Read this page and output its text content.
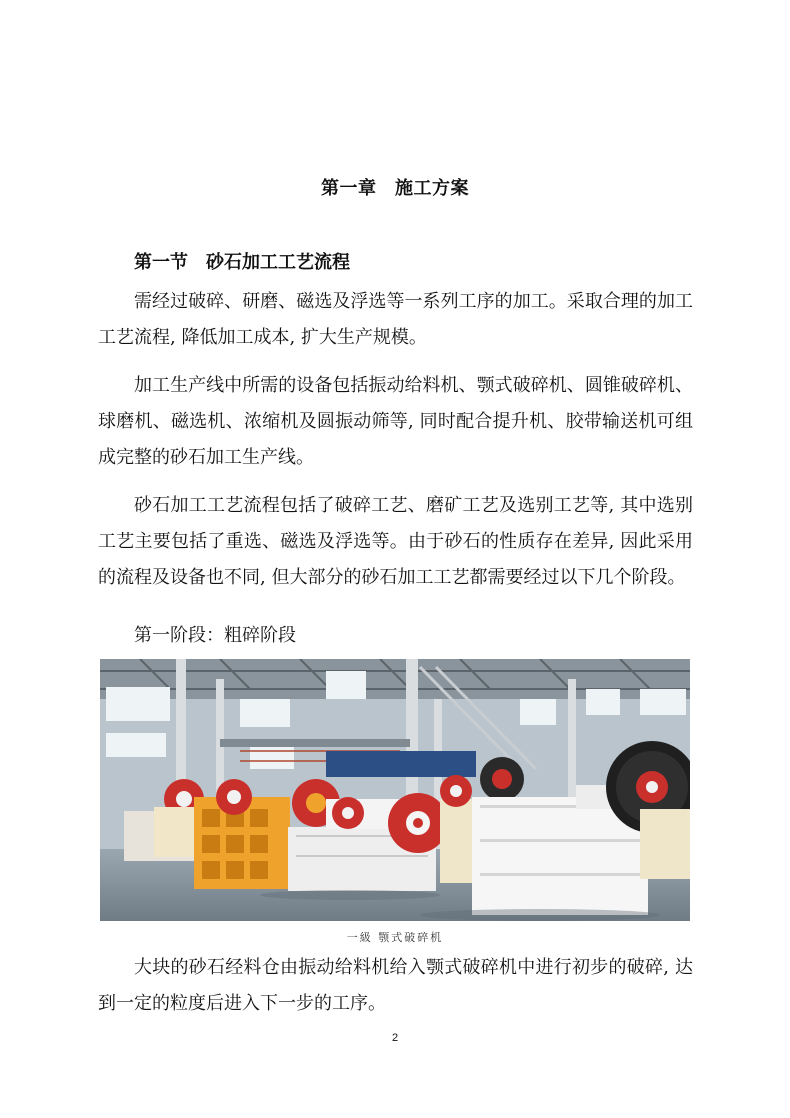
第一章　施工方案
第一节 砂石加工工艺流程

需经过破碎、研磨、磁选及浮选等一系列工序的加工。采取合理的加工工艺流程, 降低加工成本, 扩大生产规模。

加工生产线中所需的设备包括振动给料机、颚式破碎机、圆锥破碎机、球磨机、磁选机、浓缩机及圆振动筛等, 同时配合提升机、胶带输送机可组成完整的砂石加工生产线。

砂石加工工艺流程包括了破碎工艺、磨矿工艺及选别工艺等, 其中选别工艺主要包括了重选、磁选及浮选等。由于砂石的性质存在差异, 因此采用的流程及设备也不同, 但大部分的砂石加工工艺都需要经过以下几个阶段。

第一阶段：粗碎阶段
一級 颚式破碎机

大块的砂石经料仓由振动给料机给入颚式破碎机中进行初步的破碎, 达到一定的粒度后进入下一步的工序。

2
